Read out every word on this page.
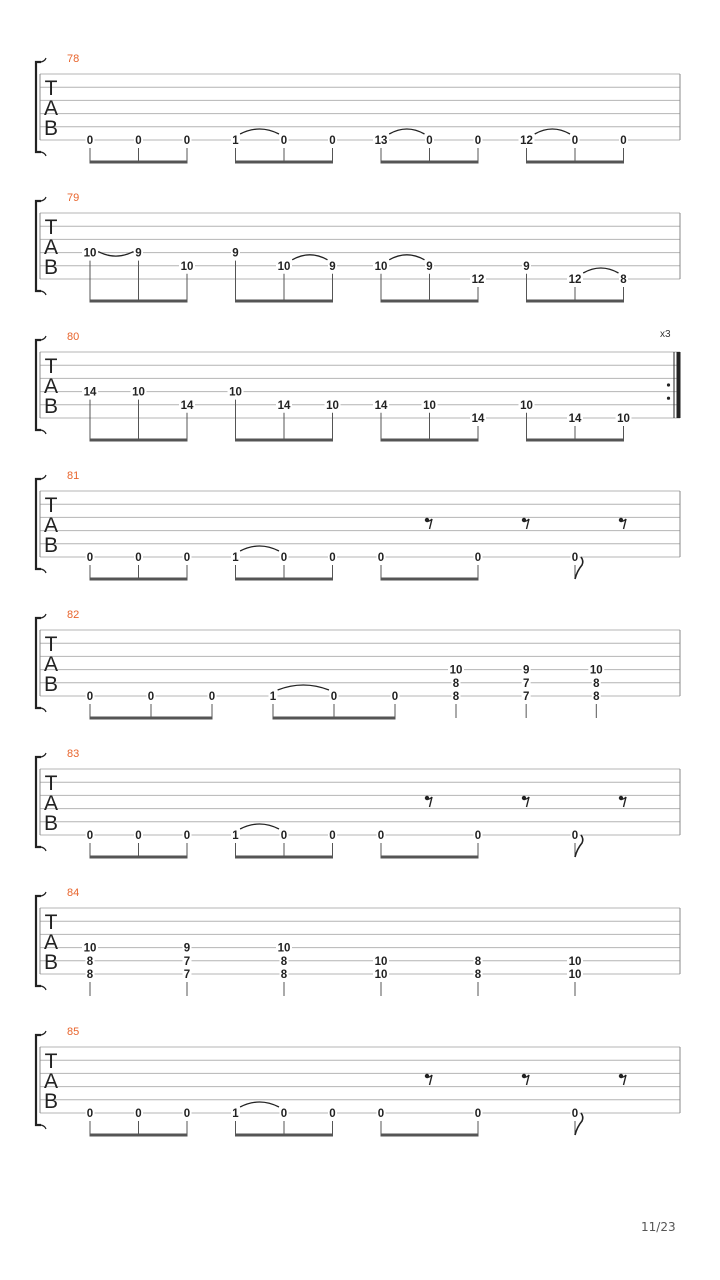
78
T
A
B
0	0	0	1	0	0	13	0	0	12	0	0
79
T
A
B
10	9
10
9
10	9	10	9
12
9
12	8
80	x3
T
A
B
14	10
14
10
14	10	14	10
14
10
14	10
81
T
A
B
0	0	0	1	0	0	0	0	0
82
T
A
B
0	0	0	1	0	0
10
8
8
9
7
7
10
8
8
83
T
A
B
0	0	0	1	0	0	0	0	0
84
T
A
B
10
8
8
9
7
7
10
8
8
10
10
8
8
10
10
85
T
A
B
0	0	0	1	0	0	0	0	0
11/23
